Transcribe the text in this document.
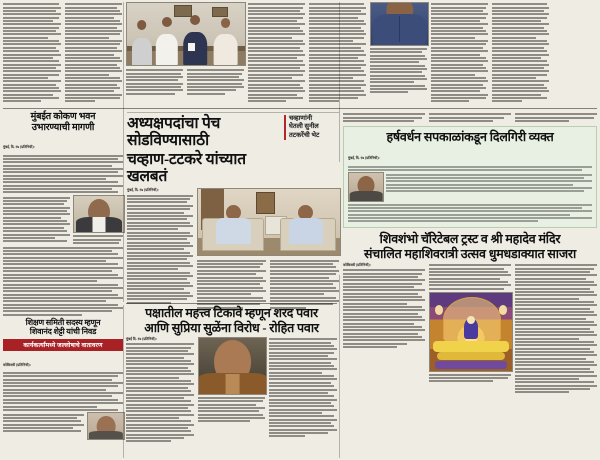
मुंबईत कोकण भवन
उभारण्याची मागणी
मुंबई, दि. १७ (प्रतिनिधी):
शिक्षण समिती सदस्य म्हणून
शिवानंद शेट्टी यांची निवड
कार्यकर्त्यांमध्ये जल्लोषाचे वातावरण
कोकिसरी (प्रतिनिधी):
अध्यक्षपदांचा पेच सोडविण्यासाठी
चव्हाण-टटकरे यांच्यात खलबतं
चव्हाणांनी
घेतली सुनील
तटकरेंची भेट
मुंबई, दि. १७ (प्रतिनिधी):
हर्षवर्धन सपकाळांकडून दिलगिरी व्यक्त
मुंबई, दि. १७ (प्रतिनिधी):
शिवशंभो चॅरिटेबल ट्रस्ट व श्री महादेव मंदिर
संचालित महाशिवरात्री उत्सव धुमधडाक्यात साजरा
कोकिसरी (प्रतिनिधी):
पक्षातील महत्त्व टिकावे म्हणून शरद पवार
आणि सुप्रिया सुळेंना विरोध - रोहित पवार
मुंबई दि. १७ (प्रतिनिधी):
